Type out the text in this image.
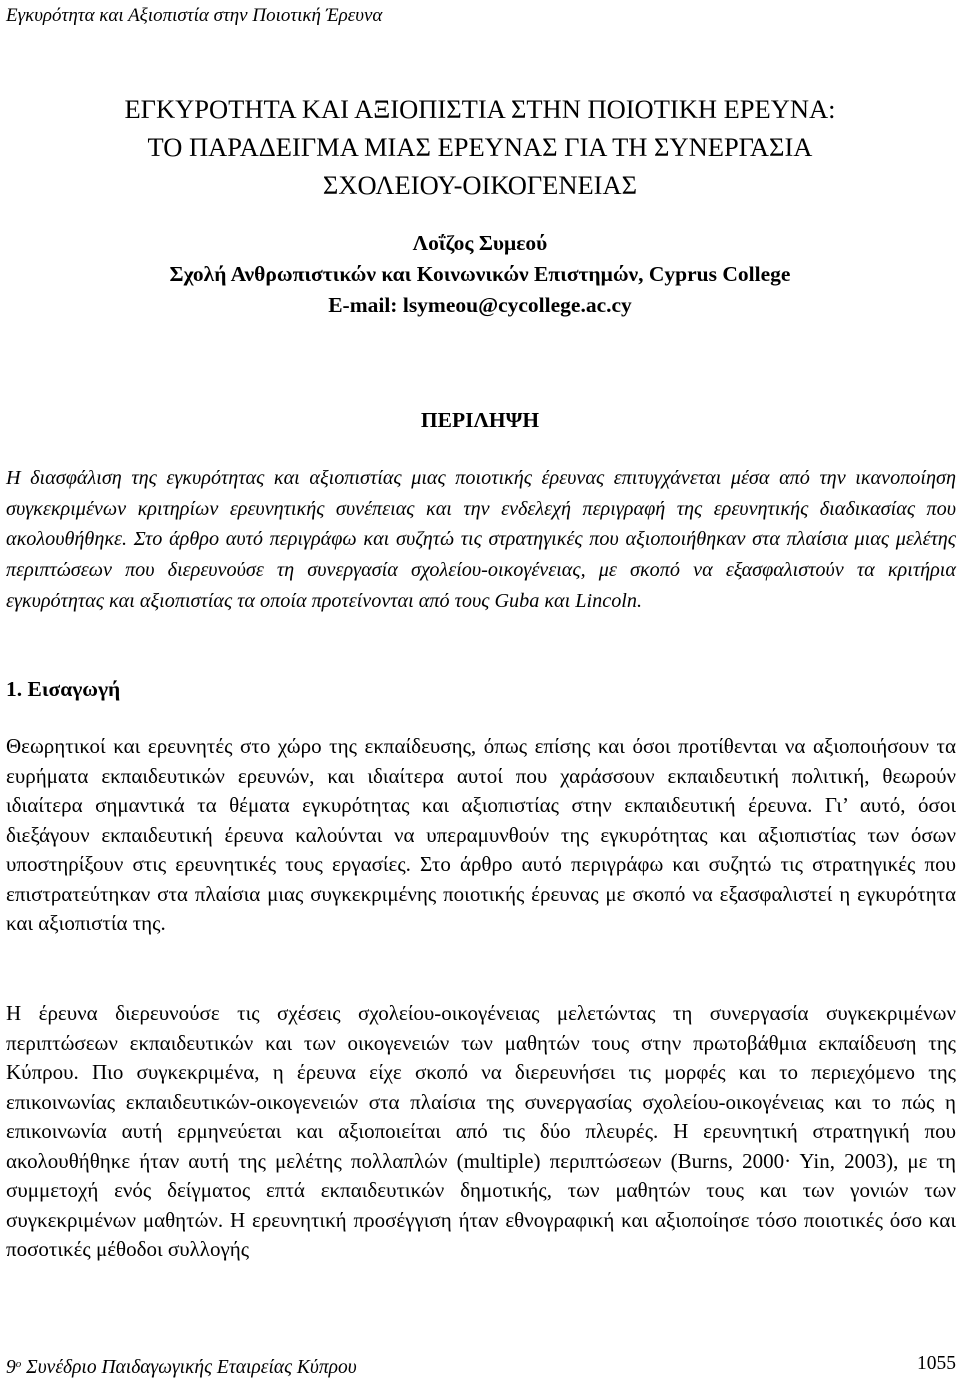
Εγκυρότητα και Αξιοπιστία στην Ποιοτική Έρευνα
ΕΓΚΥΡΟΤΗΤΑ ΚΑΙ ΑΞΙΟΠΙΣΤΙΑ ΣΤΗΝ ΠΟΙΟΤΙΚΗ ΕΡΕΥΝΑ:
ΤΟ ΠΑΡΑΔΕΙΓΜΑ ΜΙΑΣ ΕΡΕΥΝΑΣ ΓΙΑ ΤΗ ΣΥΝΕΡΓΑΣΙΑ
ΣΧΟΛΕΙΟΥ-ΟΙΚΟΓΕΝΕΙΑΣ
Λοΐζος Συμεού
Σχολή Ανθρωπιστικών και Κοινωνικών Επιστημών, Cyprus College
E-mail: lsymeou@cycollege.ac.cy
ΠΕΡΙΛΗΨΗ

Η διασφάλιση της εγκυρότητας και αξιοπιστίας μιας ποιοτικής έρευνας επιτυγχάνεται μέσα από την ικανοποίηση συγκεκριμένων κριτηρίων ερευνητικής συνέπειας και την ενδελεχή περιγραφή της ερευνητικής διαδικασίας που ακολουθήθηκε. Στο άρθρο αυτό περιγράφω και συζητώ τις στρατηγικές που αξιοποιήθηκαν στα πλαίσια μιας μελέτης περιπτώσεων που διερευνούσε τη συνεργασία σχολείου-οικογένειας, με σκοπό να εξασφαλιστούν τα κριτήρια εγκυρότητας και αξιοπιστίας τα οποία προτείνονται από τους Guba και Lincoln.

1. Εισαγωγή

Θεωρητικοί και ερευνητές στο χώρο της εκπαίδευσης, όπως επίσης και όσοι προτίθενται να αξιοποιήσουν τα ευρήματα εκπαιδευτικών ερευνών, και ιδιαίτερα αυτοί που χαράσσουν εκπαιδευτική πολιτική, θεωρούν ιδιαίτερα σημαντικά τα θέματα εγκυρότητας και αξιοπιστίας στην εκπαιδευτική έρευνα. Γι’ αυτό, όσοι διεξάγουν εκπαιδευτική έρευνα καλούνται να υπεραμυνθούν της εγκυρότητας και αξιοπιστίας των όσων υποστηρίξουν στις ερευνητικές τους εργασίες. Στο άρθρο αυτό περιγράφω και συζητώ τις στρατηγικές που επιστρατεύτηκαν στα πλαίσια μιας συγκεκριμένης ποιοτικής έρευνας με σκοπό να εξασφαλιστεί η εγκυρότητα και αξιοπιστία της.

Η έρευνα διερευνούσε τις σχέσεις σχολείου-οικογένειας μελετώντας τη συνεργασία συγκεκριμένων περιπτώσεων εκπαιδευτικών και των οικογενειών των μαθητών τους στην πρωτοβάθμια εκπαίδευση της Κύπρου. Πιο συγκεκριμένα, η έρευνα είχε σκοπό να διερευνήσει τις μορφές και το περιεχόμενο της επικοινωνίας εκπαιδευτικών-οικογενειών στα πλαίσια της συνεργασίας σχολείου-οικογένειας και το πώς η επικοινωνία αυτή ερμηνεύεται και αξιοποιείται από τις δύο πλευρές. Η ερευνητική στρατηγική που ακολουθήθηκε ήταν αυτή της μελέτης πολλαπλών (multiple) περιπτώσεων (Burns, 2000· Yin, 2003), με τη συμμετοχή ενός δείγματος επτά εκπαιδευτικών δημοτικής, των μαθητών τους και των γονιών των συγκεκριμένων μαθητών. Η ερευνητική προσέγγιση ήταν εθνογραφική και αξιοποίησε τόσο ποιοτικές όσο και ποσοτικές μέθοδοι συλλογής

$9^o$ Συνέδριο Παιδαγωγικής Εταιρείας Κύπρου	1055
